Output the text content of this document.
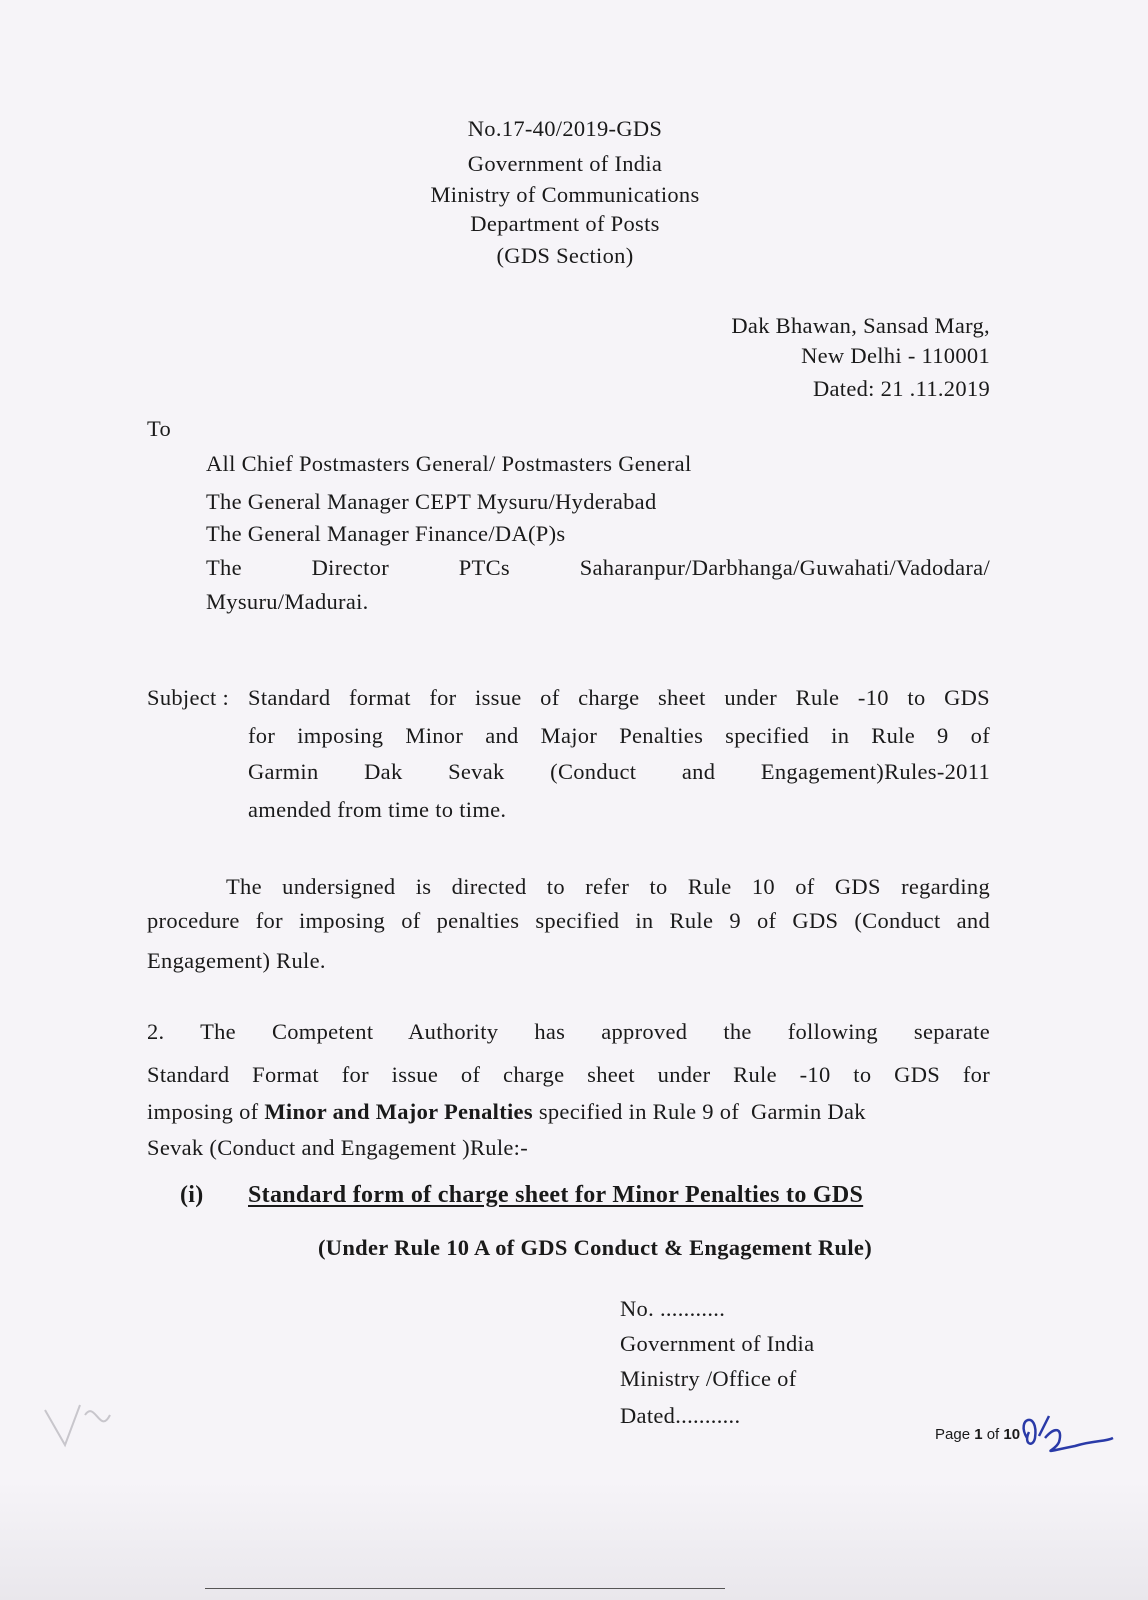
No.17-40/2019-GDS
Government of India
Ministry of Communications
Department of Posts
(GDS Section)
Dak Bhawan, Sansad Marg,
New Delhi - 110001
Dated: 21 .11.2019
To
All Chief Postmasters General/ Postmasters General
The General Manager CEPT Mysuru/Hyderabad
The General Manager Finance/DA(P)s
The Director PTCs Saharanpur/Darbhanga/Guwahati/Vadodara/
Mysuru/Madurai.
Subject : Standard format for issue of charge sheet under Rule -10 to GDS
for imposing Minor and Major Penalties specified in Rule 9 of
Garmin Dak Sevak (Conduct and Engagement)Rules-2011
amended from time to time.
The undersigned is directed to refer to Rule 10 of GDS regarding
procedure for imposing of penalties specified in Rule 9 of GDS (Conduct and
Engagement) Rule.
2. The Competent Authority has approved the following separate
Standard Format for issue of charge sheet under Rule -10 to GDS for
imposing of Minor and Major Penalties specified in Rule 9 of  Garmin Dak
Sevak (Conduct and Engagement )Rule:-
(i) Standard form of charge sheet for Minor Penalties to GDS
(Under Rule 10 A of GDS Conduct & Engagement Rule)
No. ...........
Government of India
Ministry /Office of
Dated...........
Page 1 of 10
